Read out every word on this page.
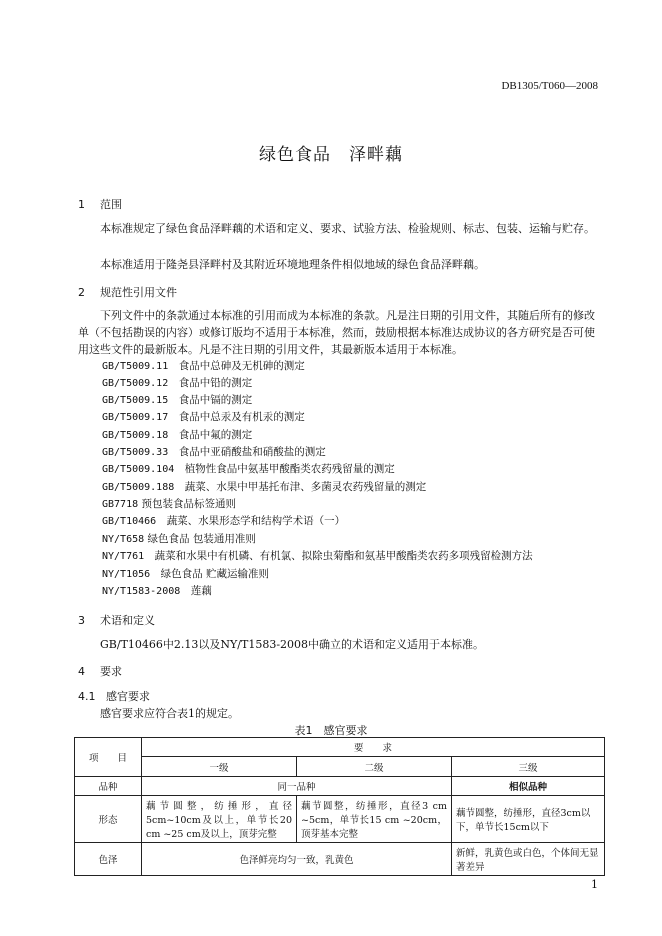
DB1305/T060—2008
绿色食品　泽畔藕
1 范围
本标准规定了绿色食品泽畔藕的术语和定义、要求、试验方法、检验规则、标志、包装、运输与贮存。
本标准适用于隆尧县泽畔村及其附近环境地理条件相似地域的绿色食品泽畔藕。
2 规范性引用文件
下列文件中的条款通过本标准的引用而成为本标准的条款。凡是注日期的引用文件，其随后所有的修改单（不包括勘误的内容）或修订版均不适用于本标准，然而，鼓励根据本标准达成协议的各方研究是否可使用这些文件的最新版本。凡是不注日期的引用文件，其最新版本适用于本标准。
GB/T5009.11　 食品中总砷及无机砷的测定
GB/T5009.12　 食品中铅的测定
GB/T5009.15　 食品中镉的测定
GB/T5009.17　 食品中总汞及有机汞的测定
GB/T5009.18　 食品中氟的测定
GB/T5009.33　 食品中亚硝酸盐和硝酸盐的测定
GB/T5009.104　 植物性食品中氨基甲酸酯类农药残留量的测定
GB/T5009.188　 蔬菜、水果中甲基托布津、多菌灵农药残留量的测定
GB7718 预包装食品标签通则
GB/T10466　 蔬菜、水果形态学和结构学术语（一）
NY/T658 绿色食品 包装通用准则
NY/T761　 蔬菜和水果中有机磷、有机氯、拟除虫菊酯和氨基甲酸酯类农药多项残留检测方法
NY/T1056　 绿色食品 贮藏运输准则
NY/T1583-2008　 莲藕
3 术语和定义
GB/T10466中2.13以及NY/T1583-2008中确立的术语和定义适用于本标准。
4 要求
4.1 感官要求
感官要求应符合表1的规定。
表1　感官要求
项　　目	要　　求		
	一级	二级	三级
品种	同一品种		相似品种
形态	藕节圆整，纺捶形，直径5cm~10cm及以上，单节长20 cm ~25 cm及以上，顶芽完整	藕节圆整，纺捶形，直径3 cm ~5cm，单节长15 cm ~20cm，顶芽基本完整	藕节圆整，纺捶形，直径3cm以下，单节长15cm以下
色泽	色泽鲜亮均匀一致，乳黄色		新鲜，乳黄色或白色，个体间无显著差异
1
